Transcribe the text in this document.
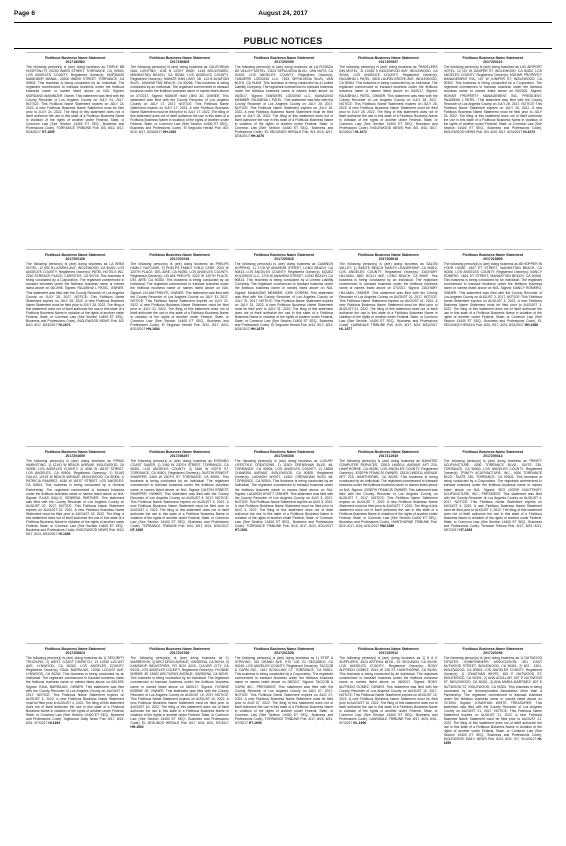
Page 6	August 24, 2017
PUBLIC NOTICES
Fictitious Business Name Statement
2017180582
The following person(s) is (are) doing business as TRIPLE BB HOSPITALITY, 20200 WARD STREET, TORRANCE, CA, 90503, LOS ANGELES COUNTY. Registered Owner(s): MORDANG MANINDER MANAL, 20200 WARD STREET, TORRANCE, CA 90503. This business is being conducted by an Individual. The registrant commenced to transact business under the fictitious business name or names listed above on N/A. Signed: MORDANG MANINDER, Owner. This statement was filed with the County Recorder of Los Angeles County on JULY 24, 2017. NOTICE: This Fictitious Name Statement expires on JULY 24, 2022. A new Fictitious Business Name Statement must be filed prior to JULY 24, 2022. The filing of this statement does not of itself authorize the use in this state of a Fictitious Business Name in violation of the rights of another under Federal, State, or Common Law (See Section 14400 ET SEQ., Business and Professions Code). TORRANCE TRIBUNE Pub. 8/3, 8/10, 8/17, 8/24/2017 HT-1699
Fictitious Business Name Statement
2017180605
The following person(s) is (are) doing business as CALIFORNIA NAIL LIGHTING, 1145 N LIGHT WIDE, 1145 BOULEVARD, MANHATTAN BEACH, CA 90266, LOS ANGELES COUNTY. Registered Owner(s): MANOR HAN LIMO, 3D, 113 B AVIATION BLVD., MANHATTAN BEACH, CA 90266. This business is being conducted by an Individual. The registrant commenced to transact business under the fictitious business name or names listed above on 07/2017. Signed: MANOR HAN LIMO 3D, OWNER. This statement was filed with the County Recorder of Los Angeles County on JULY 17, 2017. NOTICE: This Fictitious Name Statement expires on JULY 17, 2022. A new Fictitious Business Name Statement must be filed prior to JULY 17, 2022. The filing of this statement does not of itself authorize the use in this state of a Fictitious Business Name in violation of the rights of another under Federal, State, or Common Law (See Section 14400 ET SEQ., Business and Professions Code). El Segundo Herald Pub. 8/3, 8/10, 8/17, 8/24/2017 HH-1681
Fictitious Business Name Statement
2017200099
The following person(s) is (are) doing business as LA POSADA DE VALLEY MOTEL, 11101 SEPULVEDA BLVD., VAN NUYS, CA 91405, LOS ANGELES COUNTY. Registered Owner(s): TANSIERS LODGING LLC, 7815 SEPULVEDA BLVD, VAN NUYS, CA 91405. This business is being conducted by a Limited Liability Company. The registrant commenced to transact business under the fictitious business name or names listed above on 05/2017. Signed: TANSIERS LODGING LLC, MANAGING MEMBER, RAJUBHAI L PATEL. This statement was filed with the County Recorder of Los Angeles County on JULY 28, 2017. NOTICE: This Fictitious Name Statement expires on JULY 28, 2022. A new Fictitious Business Name Statement must be filed prior to JULY 28, 2022. The filing of this statement does not of itself authorize the use in this state of a Fictitious Business Name in violation of the rights of another under Federal, State, or Common Law (See Section 14400 ET SEQ., Business and Professions Code). EL SEGUNDO HERALD Pub. 8/3, 8/10, 8/17, 8/24/2017 HH-1676
Fictitious Business Name Statement
2017200097
The following person(s) is (are) doing business as TRAVELERS INN MOTEL, 11 10185 S INGLEWOOD AVE, INGLEWOOD, CA 90304, LOS ANGELES COUNTY. Registered Owner(s): RAJUBHAI L PATEL, 9825 LAURELGROVE AVE, INGLEWOOD, CA 90304. This business is being conducted by an Individual. The registrant commenced to transact business under the fictitious business name or names listed above on 04/2017. Signed: RAJUBHAI L PATEL, OWNER. This statement was filed with the County Recorder of Los Angeles County on JULY 28, 2017. NOTICE: This Fictitious Name Statement expires on JULY 28, 2022. A new Fictitious Business Name Statement must be filed prior to JULY 28, 2022. The filing of this statement does not of itself authorize the use in this state of a Fictitious Business Name in violation of the rights of another under Federal, State, or Common Law (See Section 14400 ET SEQ., Business and Professions Code). INGLEWOOD NEWS Pub. 8/3, 8/10, 8/17, 8/24/2017 HI-1672
Fictitious Business Name Statement
2017200110
The following person(s) is (are) doing business as LAX AIRPORT HOTEL, 12 107 W JUNIPER ST, INGLEWOOD, CA 90302, LOS ANGELES COUNTY. Registered Owner(s): MOHAR PROPERTY MANAGEMENT INC, 107 W JUNIPER ST, INGLEWOOD, CA 90302. This business is being conducted by a Corporation. The registrant commenced to transact business under the fictitious business name or names listed above on 05/2002. Signed: MOHAR PROPERTY MANAGEMENT INC, PRESIDENT, RAJUBHAI L PATEL. This statement was filed with the County Recorder of Los Angeles County on JULY 28, 2017. NOTICE: This Fictitious Name Statement expires on JULY 28, 2022. A new Fictitious Business Name Statement must be filed prior to JULY 28, 2022. The filing of this statement does not of itself authorize the use in this state of a Fictitious Business Name in violation of the rights of another under Federal, State, or Common Law (See Section 14400 ET SEQ., Business and Professions Code). INGLEWOOD NEWS Pub. 8/3, 8/10, 8/17, 8/24/2017 HI-1673
Fictitious Business Name Statement
2017200108
The following person(s) is (are) doing business as LA BREA HOTEL, 12 534 N LA BREA AVE, INGLEWOOD, CA 90302, LOS ANGELES COUNTY. Registered Owner(s): PATEL HOTELS INC, 2000 TERRACE PLACE, CERRITOS, CA 90703. This business is being conducted by a Corporation. The registrant commenced to transact business under the fictitious business name or names listed above on 06/1995. Signed: RAJUBHAI L PATEL, OWNER. This statement was filed with the County Recorder of Los Angeles County on JULY 28, 2017. NOTICE: This Fictitious Name Statement expires on JULY 28, 2022. A new Fictitious Business Name Statement must be filed prior to JULY 28, 2022. The filing of this statement does not of itself authorize the use in this state of a Fictitious Business Name in violation of the rights of another under Federal, State, or Common Law (See Section 14400 ET SEQ., Business and Professions Code). INGLEWOOD NEWS Pub. 8/3, 8/10, 8/17, 8/24/2017 HI-1674
Fictitious Business Name Statement
2017201018
The following person(s) is (are) doing business as PHELPS FAMILY DAYCARE, 2) PHELPS FAMILY CHILD CARE, 2022 W 120TH PLACE, DEL AIRE, CA 90250, LOS ANGELES COUNTY. Registered Owner(s): LELANI PHELPS, 2022 W 120TH PLACE, DEL AIRE, CA 90250. This business is being conducted by an Individual. The registrant commenced to transact business under the fictitious business name or names listed above on N/A. Signed: LELANI PHELPS, OWNER. This statement was filed with the County Recorder of Los Angeles County on JULY 31, 2017. NOTICE: This Fictitious Name Statement expires on JULY 31, 2022. A new Fictitious Business Name Statement must be filed prior to JULY 31, 2022. The filing of this statement does not of itself authorize the use in this state of a Fictitious Business Name in violation of the rights of another under Federal, State, or Common Law (See Section 14400 ET SEQ., Business and Professions Code). El Segundo Herald Pub. 8/10, 8/17, 8/24, 8/31/2017 HH-1684
Fictitious Business Name Statement
2017200818
The following person(s) is (are) doing business as CAMINOS HOPPING, 1) 1715 W ANAHEIM STREET, LONG BEACH, CA 90813, LOS ANGELES COUNTY. Registered Owner(s): AQUEZ HOLDINGS LLC, 1715 W ANAHEIM STREET, LONG BEACH, CA 90813. This business is being conducted by a Limited Liability Company. The registrant commenced to transact business under the fictitious business name or names listed above on N/A. Signed: MANAGING MEMBER, CARI CORRIN. This statement was filed with the County Recorder of Los Angeles County on JULY 31, 2017. NOTICE: This Fictitious Name Statement expires on JULY 31, 2022. A new Fictitious Business Name Statement must be filed prior to JULY 31, 2022. The filing of this statement does not of itself authorize the use in this state of a Fictitious Business Name in violation of the rights of another under Federal, State, or Common Law (See Section 14400 ET SEQ., Business and Professions Code). El Segundo Herald Pub. 8/10, 8/17, 8/24, 8/31/2017 HH-1679
Fictitious Business Name Statement
2017206618
The following person(s) is (are) doing business as SALON VALLEY, 1) SAINTE BEACH SAINTS LEADERSHIP, CA 90810, LOS ANGELES COUNTY. Registered Owner(s): ZACHARY HILLMAN, 3851 HOLLY AVE, LONG BEACH, CA 90807. This business is being conducted by an Individual. The registrant commenced to transact business under the fictitious business name or names listed above on 07/2017. Signed: ZACHARY HILLMAN, OWNER. This statement was filed with the County Recorder of Los Angeles County on AUGUST 01, 2017. NOTICE: This Fictitious Name Statement expires on AUGUST 01, 2022. A new Fictitious Business Name Statement must be filed prior to AUGUST 01, 2022. The filing of this statement does not of itself authorize the use in this state of a Fictitious Business Name in violation of the rights of another under Federal, State, or Common Law (See Section 14400 ET SEQ., Business and Professions Code). LAWNDALE TRIBUNE Pub. 8/10, 8/17, 8/24, 8/31/2017 HL-1677
Fictitious Business Name Statement
2017218899
The following person(s) is (are) doing business as 88 HOPPER IN YOUR HOME, 1607 ET STREET, MANHATTAN BEACH, CA 90266, LOS ANGELES COUNTY. Registered Owner(s): NANCY ROMERO, 1601 ET STREET, MANHATTAN BEACH, CA 90266. This business is being conducted by an Individual. The registrant commenced to transact business under the fictitious business name or names listed above on N/A. Signed: NANCY ROMERO, OWNER. This statement was filed with the County Recorder of Los Angeles County on AUGUST 3, 2017. NOTICE: This Fictitious Name Statement expires on AUGUST 3, 2022. A new Fictitious Business Name Statement must be filed prior to AUGUST 3, 2022. The filing of this statement does not of itself authorize the use in this state of a Fictitious Business Name in violation of the rights of another under Federal, State, or Common Law (See Section 14400 ET SEQ., Business and Professions Code). EL SEGUNDO HERALD Pub. 8/10, 8/17, 8/24, 8/31/2017 HH-1688
Fictitious Business Name Statement
2017203659
The following person(s) is (are) doing business as PRIMO MARKETING, 1) 12191 W BEACH AVENUE, INGLEWOOD, CA 90305, LOS ANGELES COUNTY, 2) 4036 W 181ST STREET, LOS ANGELES, CA 90504. Registered Owner(s): 1) ELIAS GALLO, 12191 W BEACH AVENUE, INGLEWOOD, CA 90305, 2) PATRICIA RAMIREZ, 4036 W 181ST STREET, LOS ANGELES, CA 90504. This business is being conducted by a General Partnership. The registrant commenced to transact business under the fictitious business name or names listed above on N/A. Signed: ELIAS GALLO, GENERAL PARTNER. This statement was filed with the County Recorder of Los Angeles County on AUGUST 02, 2017. NOTICE: This Fictitious Name Statement expires on AUGUST 02, 2022. A new Fictitious Business Name Statement must be filed prior to AUGUST 02, 2022. The filing of this statement does not of itself authorize the use in this state of a Fictitious Business Name in violation of the rights of another under Federal, State, or Common Law (See Section 14400 ET SEQ., Business and Professions Code). INGLEWOOD NEWS Pub. 8/10, 8/17, 8/24, 8/31/2017 HI-1685
Fictitious Business Name Statement
2017208297
The following person(s) is (are) doing business as EVENING COAST SAUER, 1) 2460 W 230TH STREET, TORRANCE, CA 90501, LOS ANGELES COUNTY, 2) 2460 W 230TH ST, TORRANCE, CA 90501. Registered Owner(s): DUSTIN ERNEST SHARPER, 2460 W 230TH ST, TORRANCE, CA 90501. This business is being conducted by an Individual. The registrant commenced to transact business under the fictitious business name or names listed above on N/A. Signed: DUSTIN ERNEST SHARPER, OWNER. This statement was filed with the County Recorder of Los Angeles County on AUGUST 4, 2017. NOTICE: This Fictitious Name Statement expires on AUGUST 4, 2022. A new Fictitious Business Name Statement must be filed prior to AUGUST 4, 2022. The filing of this statement does not of itself authorize the use in this state of a Fictitious Business Name in violation of the rights of another under Federal, State, or Common Law (See Section 14400 ET SEQ., Business and Professions Code). TORRANCE TRIBUNE Pub. 8/10, 8/17, 8/24, 8/31/2017 HT-1690
Fictitious Business Name Statement
2017206308
The following person(s) is (are) doing business as LUXURY LIFESTYLE CREATIONS, 1) 11501 CRENSHAW BLVD, #8, TORRANCE, CA 90504, LOS ANGELES COUNTY, 2) 18826 CHANDRA AVENUE, INGLEWOOD, CA 90305. Registered Owner(s): LADWON WYATT, 11501 CRENSHAW BLVD #8, TORRANCE, CA 90504. This business is being conducted by an Individual. The registrant commenced to transact business under the fictitious business name or names listed above on N/A. Signed: LADWON WYATT, OWNER. This statement was filed with the County Recorder of Los Angeles County on AUG 3, 2017. NOTICE: This Fictitious Name Statement expires on AUG 3, 2022. A new Fictitious Business Name Statement must be filed prior to AUG 3, 2022. The filing of this statement does not of itself authorize the use in this state of a Fictitious Business Name in violation of the rights of another under Federal, State, or Common Law (See Section 14400 ET SEQ., Business and Professions Code). TORRANCE TRIBUNE Pub. 8/10, 8/17, 8/24, 8/31/2017 HT-1691
Fictitious Business Name Statement
2017211945
The following person(s) is (are) doing business as MAHATEE COMPUTER SERVICES, 13515 LINDELL AVENUE APT 215, HAWTHORNE, CA 90250, LOS ANGELES COUNTY. Registered Owner(s): JOSEPH FRANCIS OWNER, 13515 LINDELL AVENUE APT 215, HAWTHORNE, CA 90250. This business is being conducted by an Individual. The registrant commenced to transact business under the fictitious business name or names listed above on N/A. Signed: JOSEPH FRANCIS OWNER. This statement was filed with the County Recorder of Los Angeles County on AUGUST 7, 2017. NOTICE: This Fictitious Name Statement expires on AUGUST 7, 2022. A new Fictitious Business Name Statement must be filed prior to AUGUST 7, 2022. The filing of this statement does not of itself authorize the use in this state of a Fictitious Business Name in violation of the rights of another under Federal, State, or Common Law (See Section 14400 ET SEQ., Business and Professions Code). HAWTHORNE TRIBUNE Pub. 8/10, 8/17, 8/24, 8/31/2017 HW-1689
Fictitious Business Name Statement
2017209414
The following person(s) is (are) doing business as TRINITY ACUPUNCTURE, 4000 TORRANCE BLVD., SUITE 230, TORRANCE, CA 90503, LOS ANGELES COUNTY. Registered Owner(s): TRINITY ACUPUNCTURE, INC., 4000 TORRANCE BLVD., SUITE 230, TORRANCE, CA 90503. This business is being conducted by a Corporation. The registrant commenced to transact business under the fictitious business name or names listed above on N/A. Signed: SEO NORIS KNUTTINITY ACUPUNCTURE, INC., PRESIDENT. This statement was filed with the County Recorder of Los Angeles County on AUGUST 4, 2017. NOTICE: This Fictitious Name Statement expires on AUGUST 4, 2022. A new Fictitious Business Name Statement must be filed prior to AUGUST 4, 2022. The filing of this statement does not of itself authorize the use in this state of a Fictitious Business Name in violation of the rights of another under Federal, State, or Common Law (See Section 14400 ET SEQ., Business and Professions Code). Torrance Tribune Pub. 8/17, 8/24, 8/31, 9/07/2017 HT-1693
Fictitious Business Name Statement
2017208823
The following person(s) is (are) doing business as 1) SECURITY TRUCKING, 2) WEST COAST DISPATCH, 13 10330 LOCUST AVE, LYNWOOD, CA 90262, LOS ANGELES COUNTY. Registered Owner(s): RAUL BARRAJAS, 10330 LOCUST AVE, LYNWOOD, CA 90262. This business is being conducted by an Individual. The registrant commenced to transact business under the fictitious business name or names listed above on 08/1993. Signed: RAUL BARRAJAS, OWNER. This statement was filed with the County Recorder of Los Angeles County on AUGUST 4, 2017. NOTICE: This Fictitious Name Statement expires on AUGUST 4, 2022. A new Fictitious Business Name Statement must be filed prior to AUGUST 4, 2022. The filing of this statement does not of itself authorize the use in this state of a Fictitious Business Name in violation of the rights of another under Federal, State, or Common Law (See Section 14400 ET SEQ., Business and Professions Code). Inglewood Daily News Pub. 8/17, 8/24, 8/31, 9/7/2017 HI-1694
Fictitious Business Name Statement
2017210768
The following person(s) is (are) doing business as 1) WARBROOK, 2) ARCTURUS AVENUE, GARDENA, CA 90249, 3) KAMSHOP INDUSTRIES, PO BOX 4229, CULVER CITY, CA 90231, LOS ANGELES COUNTY. Registered Owner(s): YVONNE BOBBIE JR, 15902 ARCTURUS AVENUE, GARDENA, CA 90249. This business is being conducted by an Individual. The registrant commenced to transact business under the fictitious business name or names listed above on 08/2017. Signed: YVONNE BOBBIE JR, OWNER. This statement was filed with the County Recorder of Los Angeles County on AUGUST 10, 2017. NOTICE: This Fictitious Name Statement expires on AUGUST 10, 2022. A new Fictitious Business Name Statement must be filed prior to AUGUST 10, 2022. The filing of this statement does not of itself authorize the use in this state of a Fictitious Business Name in violation of the rights of another under Federal, State, or Common Law (See Section 14400 ET SEQ., Business and Professions Code). EL SEGUNDO HERALD Pub. 8/17, 8/24, 8/31, 9/7/2017 HH-1692
Fictitious Business Name Statement
2017201528
The following person(s) is (are) doing business as 1) STEP & STRIVING, 310 GRAND AVE, STE 100, EL SEGUNDO, CA 90245, LOS ANGELES COUNTY. Registered Owner(s): TACCOB & CARM INC., 1611 SCHILLING CT, TORRANCE, CA 90501. This business is being conducted by a Corporation. The registrant commenced to transact business under the fictitious business name or names listed above on 08/2017. Signed: TACCOB & CARM INC., PRESIDENT. This statement was filed with the County Recorder of Los Angeles County on AUG 07, 2017. NOTICE: This Fictitious Name Statement expires on AUG 07, 2022. A new Fictitious Business Name Statement must be filed prior to AUG 07, 2022. The filing of this statement does not of itself authorize the use in this state of a Fictitious Business Name in violation of the rights of another under Federal, State, or Common Law (See Section 14400 ET SEQ., Business and Professions Code). TORRANCE TRIBUNE Pub. 8/17, 8/24, 8/31, 9/7/2017 HT-1695
Fictitious Business Name Statement
2017220912
The following person(s) is (are) doing business as 1) K & K SUPPLIERS, 4023 ARTESIA BLVD., EL SEGUNDO, CA 90245, LOS ANGELES COUNTY. Registered Owner(s): RONY ALFREDO GOMEZ, 5019 W 135 ST, HAWTHORNE, CA 90250. This business is being conducted by an Individual. The registrant commenced to transact business under the fictitious business name or names listed above on 08/2017. Signed: RONY ALFREDO GOMEZ, OWNER. This statement was filed with the County Recorder of Los Angeles County on AUGUST 10, 2017. NOTICE: This Fictitious Name Statement expires on AUGUST 10, 2022. A new Fictitious Business Name Statement must be filed prior to AUGUST 10, 2022. The filing of this statement does not of itself authorize the use in this state of a Fictitious Business Name in violation of the rights of another under Federal, State, or Common Law (See Section 14400 ET SEQ., Business and Professions Code). LAWNDALE TRIBUNE Pub. 8/17, 8/24, 8/31, 9/7/2017 HL-1696
Fictitious Business Name Statement
2017220236
The following person(s) is (are) doing business as 1) NUTWOOD ESTATES HOMEOWNERS ASSOCIATION, 601 EAST NUTWOOD STREET, INGLEWOOD, CA 90301, 2) 601 - 1501, INGLEWOOD, CA 90303, LOS ANGELES COUNTY. Registered Owner(s): 1) JONATHAN WHITE, 601 E NUTWOOD ST, INGLEWOOD, CA 90301, 2) ANN AGULLAR, 607 E NUTWOOD ST, INGLEWOOD, CA 90301, 3) ANA MARIA MARTINEZ, 607 E NUTWOOD ST, INGLEWOOD, CA 90301. This business is being conducted by an Unincorporated Association other than a Partnership. The registrant commenced to transact business under the fictitious business name or names listed above on 07/1994. Signed: JONATHAN WHITE, TREASURER. This statement was filed with the County Recorder of Los Angeles County on AUGUST 21, 2017. NOTICE: This Fictitious Name Statement expires on AUGUST 21, 2022. A new Fictitious Business Name Statement must be filed prior to AUGUST 21, 2022. The filing of this statement does not of itself authorize the use in this state of a Fictitious Business Name in violation of the rights of another under Federal, State, or Common Law (See Section 14400 ET SEQ., Business and Professions Code). INGLEWOOD DAILY NEWS Pub. 8/24, 8/31, 9/7, 9/14/2017 HI-1699
